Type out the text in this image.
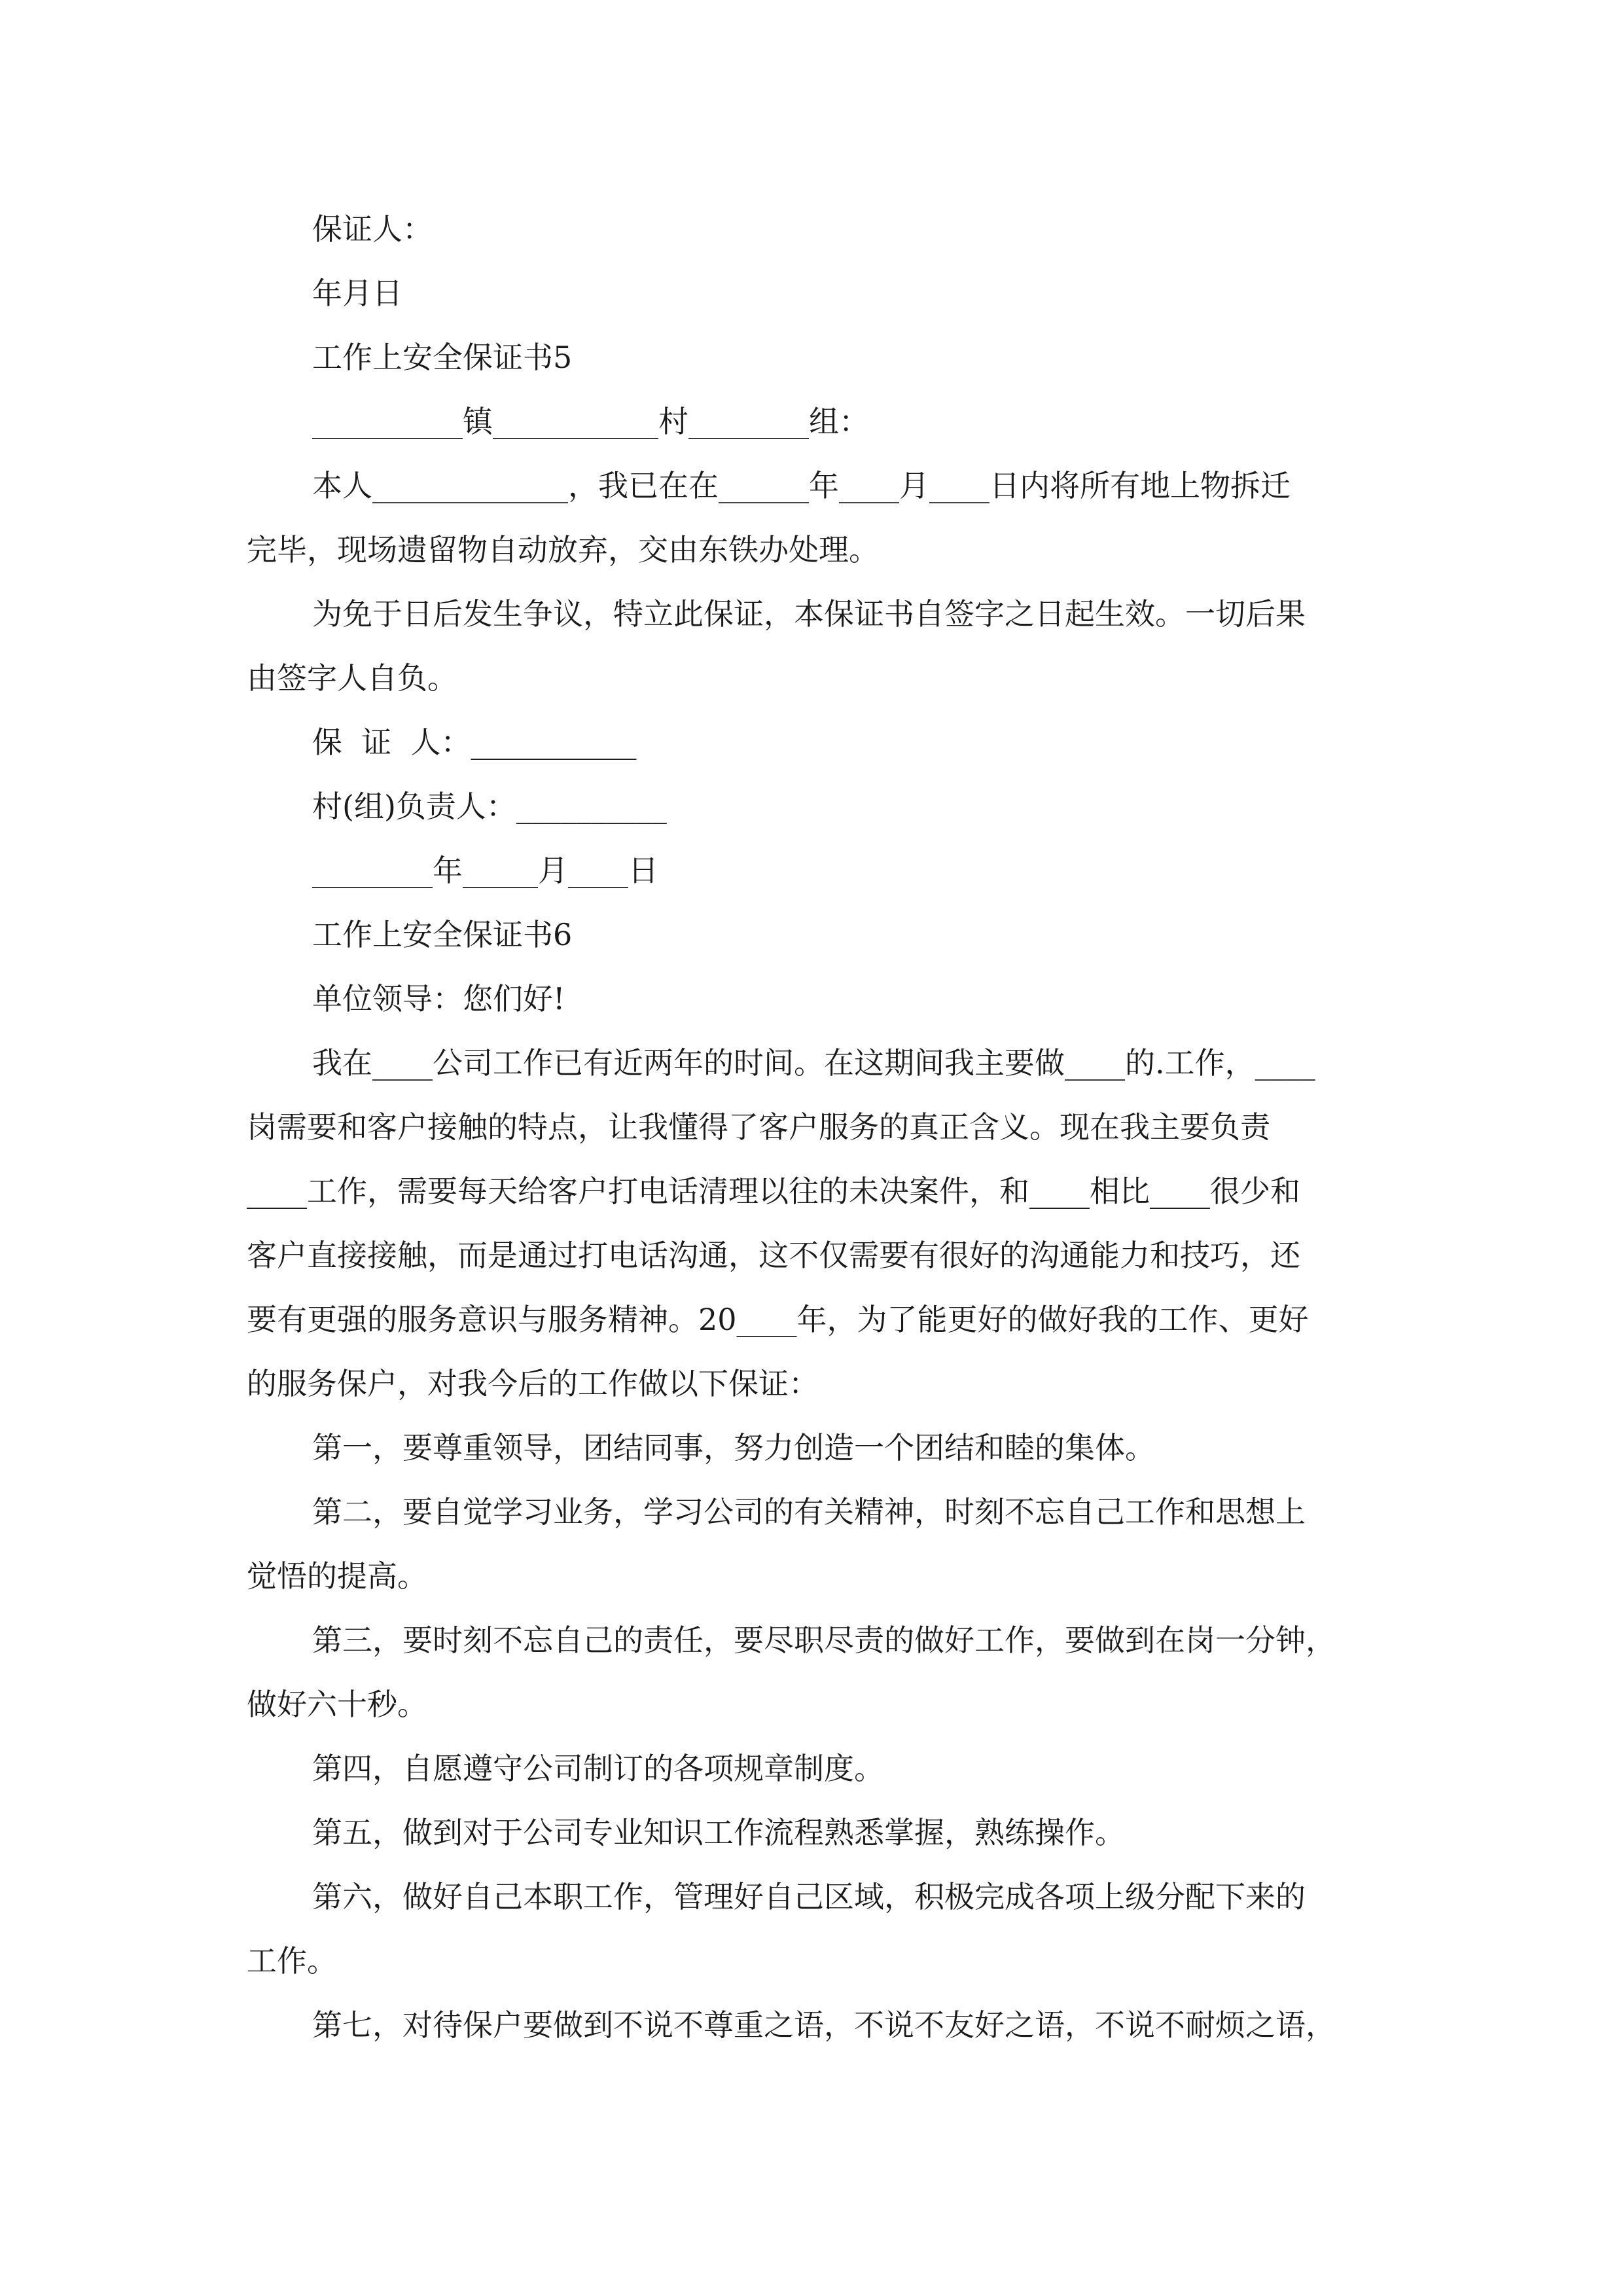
保证人：
年月日
工作上安全保证书5
__________镇___________村________组：
本人_____________，我已在在______年____月____日内将所有地上物拆迁
完毕，现场遗留物自动放弃，交由东铁办处理。
为免于日后发生争议，特立此保证，本保证书自签字之日起生效。一切后果
由签字人自负。
保  证  人：___________
村(组)负责人：__________
________年_____月____日
工作上安全保证书6
单位领导：您们好!
我在____公司工作已有近两年的时间。在这期间我主要做____的.工作，____
岗需要和客户接触的特点，让我懂得了客户服务的真正含义。现在我主要负责
____工作，需要每天给客户打电话清理以往的未决案件，和____相比____很少和
客户直接接触，而是通过打电话沟通，这不仅需要有很好的沟通能力和技巧，还
要有更强的服务意识与服务精神。20____年，为了能更好的做好我的工作、更好
的服务保户，对我今后的工作做以下保证：
第一，要尊重领导，团结同事，努力创造一个团结和睦的集体。
第二，要自觉学习业务，学习公司的有关精神，时刻不忘自己工作和思想上
觉悟的提高。
第三，要时刻不忘自己的责任，要尽职尽责的做好工作，要做到在岗一分钟，
做好六十秒。
第四，自愿遵守公司制订的各项规章制度。
第五，做到对于公司专业知识工作流程熟悉掌握，熟练操作。
第六，做好自己本职工作，管理好自己区域，积极完成各项上级分配下来的
工作。
第七，对待保户要做到不说不尊重之语，不说不友好之语，不说不耐烦之语，
